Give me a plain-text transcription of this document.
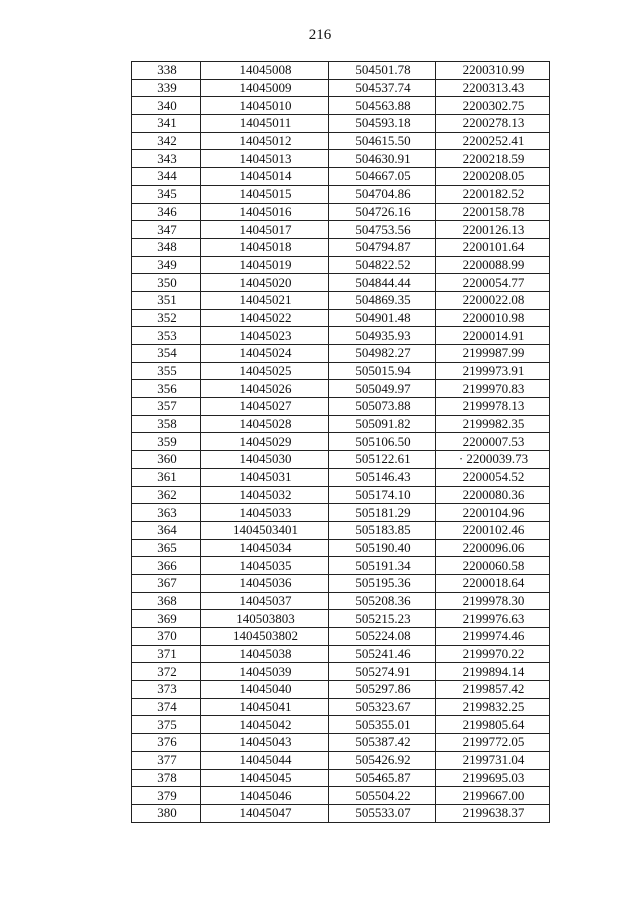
216
338	14045008	504501.78	2200310.99
339	14045009	504537.74	2200313.43
340	14045010	504563.88	2200302.75
341	14045011	504593.18	2200278.13
342	14045012	504615.50	2200252.41
343	14045013	504630.91	2200218.59
344	14045014	504667.05	2200208.05
345	14045015	504704.86	2200182.52
346	14045016	504726.16	2200158.78
347	14045017	504753.56	2200126.13
348	14045018	504794.87	2200101.64
349	14045019	504822.52	2200088.99
350	14045020	504844.44	2200054.77
351	14045021	504869.35	2200022.08
352	14045022	504901.48	2200010.98
353	14045023	504935.93	2200014.91
354	14045024	504982.27	2199987.99
355	14045025	505015.94	2199973.91
356	14045026	505049.97	2199970.83
357	14045027	505073.88	2199978.13
358	14045028	505091.82	2199982.35
359	14045029	505106.50	2200007.53
360	14045030	505122.61	· 2200039.73
361	14045031	505146.43	2200054.52
362	14045032	505174.10	2200080.36
363	14045033	505181.29	2200104.96
364	1404503401	505183.85	2200102.46
365	14045034	505190.40	2200096.06
366	14045035	505191.34	2200060.58
367	14045036	505195.36	2200018.64
368	14045037	505208.36	2199978.30
369	140503803	505215.23	2199976.63
370	1404503802	505224.08	2199974.46
371	14045038	505241.46	2199970.22
372	14045039	505274.91	2199894.14
373	14045040	505297.86	2199857.42
374	14045041	505323.67	2199832.25
375	14045042	505355.01	2199805.64
376	14045043	505387.42	2199772.05
377	14045044	505426.92	2199731.04
378	14045045	505465.87	2199695.03
379	14045046	505504.22	2199667.00
380	14045047	505533.07	2199638.37
